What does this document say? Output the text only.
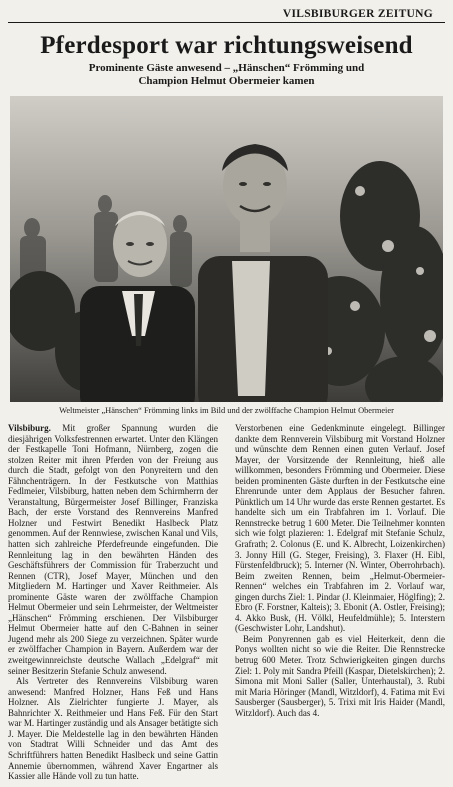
VILSBIBURGER ZEITUNG
Pferdesport war richtungsweisend
Prominente Gäste anwesend – „Hänschen“ Frömming und
Champion Helmut Obermeier kamen
Weltmeister „Hänschen“ Frömming links im Bild und der zwölffache Champion Helmut Obermeier

Vilsbiburg. Mit großer Spannung wurden die diesjährigen Volksfestrennen erwartet. Unter den Klängen der Festkapelle Toni Hofmann, Nürnberg, zogen die stolzen Reiter mit ihren Pferden von der Freiung aus durch die Stadt, gefolgt von den Ponyreitern und den Fähnchenträgern. In der Festkutsche von Matthias Fedlmeier, Vilsbiburg, hatten neben dem Schirmherrn der Veranstaltung, Bürgermeister Josef Billinger, Franziska Bach, der erste Vorstand des Rennvereins Manfred Holzner und Festwirt Benedikt Haslbeck Platz genommen. Auf der Rennwiese, zwischen Kanal und Vils, hatten sich zahlreiche Pferdefreunde eingefunden. Die Rennleitung lag in den bewährten Händen des Geschäftsführers der Commission für Traberzucht und Rennen (CTR), Josef Mayer, München und den Mitgliedern M. Hartinger und Xaver Reithmeier. Als prominente Gäste waren der zwölffache Champion Helmut Obermeier und sein Lehrmeister, der Weltmeister „Hänschen“ Frömming erschienen. Der Vilsbiburger Helmut Obermeier hatte auf den C-Bahnen in seiner Jugend mehr als 200 Siege zu verzeichnen. Später wurde er zwölffacher Champion in Bayern. Außerdem war der zweitgewinnreichste deutsche Wallach „Edelgraf“ mit seiner Besitzerin Stefanie Schulz anwesend.

Als Vertreter des Rennvereins Vilsbiburg waren anwesend: Manfred Holzner, Hans Feß und Hans Holzner. Als Zielrichter fungierte J. Mayer, als Bahnrichter X. Reithmeier und Hans Feß. Für den Start war M. Hartinger zuständig und als Ansager betätigte sich J. Mayer. Die Meldestelle lag in den bewährten Händen von Stadtrat Willi Schneider und das Amt des Schriftführers hatten Benedikt Haslbeck und seine Gattin Annemie übernommen, während Xaver Engartner als Kassier alle Hände voll zu tun hatte.

Verstorbenen eine Gedenkminute eingelegt. Billinger dankte dem Rennverein Vilsbiburg mit Vorstand Holzner und wünschte dem Rennen einen guten Verlauf. Josef Mayer, der Vorsitzende der Rennleitung, hieß alle willkommen, besonders Frömming und Obermeier. Diese beiden prominenten Gäste durften in der Festkutsche eine Ehrenrunde unter dem Applaus der Besucher fahren. Pünktlich um 14 Uhr wurde das erste Rennen gestartet. Es handelte sich um ein Trabfahren im 1. Vorlauf. Die Rennstrecke betrug 1 600 Meter. Die Teilnehmer konnten sich wie folgt plazieren: 1. Edelgraf mit Stefanie Schulz, Grafrath; 2. Colonus (E. und K. Albrecht, Loizenkirchen) 3. Jonny Hill (G. Steger, Freising), 3. Flaxer (H. Eibl, Fürstenfeldbruck); 5. Interner (N. Winter, Oberrohrbach). Beim zweiten Rennen, beim „Helmut-Obermeier-Rennen“ welches ein Trabfahren im 2. Vorlauf war, gingen durchs Ziel: 1. Pindar (J. Kleinmaier, Höglfing); 2. Ebro (F. Forstner, Kalteis); 3. Ebonit (A. Ostler, Freising); 4. Akko Busk, (H. Völkl, Heufeldmühle); 5. Interstern (Geschwister Lohr, Landshut).

Beim Ponyrennen gab es viel Heiterkeit, denn die Ponys wollten nicht so wie die Reiter. Die Rennstrecke betrug 600 Meter. Trotz Schwierigkeiten gingen durchs Ziel: 1. Poly mit Sandra Pfeill (Kaspar, Dietelskirchen); 2. Simona mit Moni Saller (Saller, Unterhaustal), 3. Rubi mit Maria Höringer (Mandl, Witzldorf), 4. Fatima mit Evi Sausberger (Sausberger), 5. Trixi mit Iris Haider (Mandl, Witzldorf). Auch das 4.
